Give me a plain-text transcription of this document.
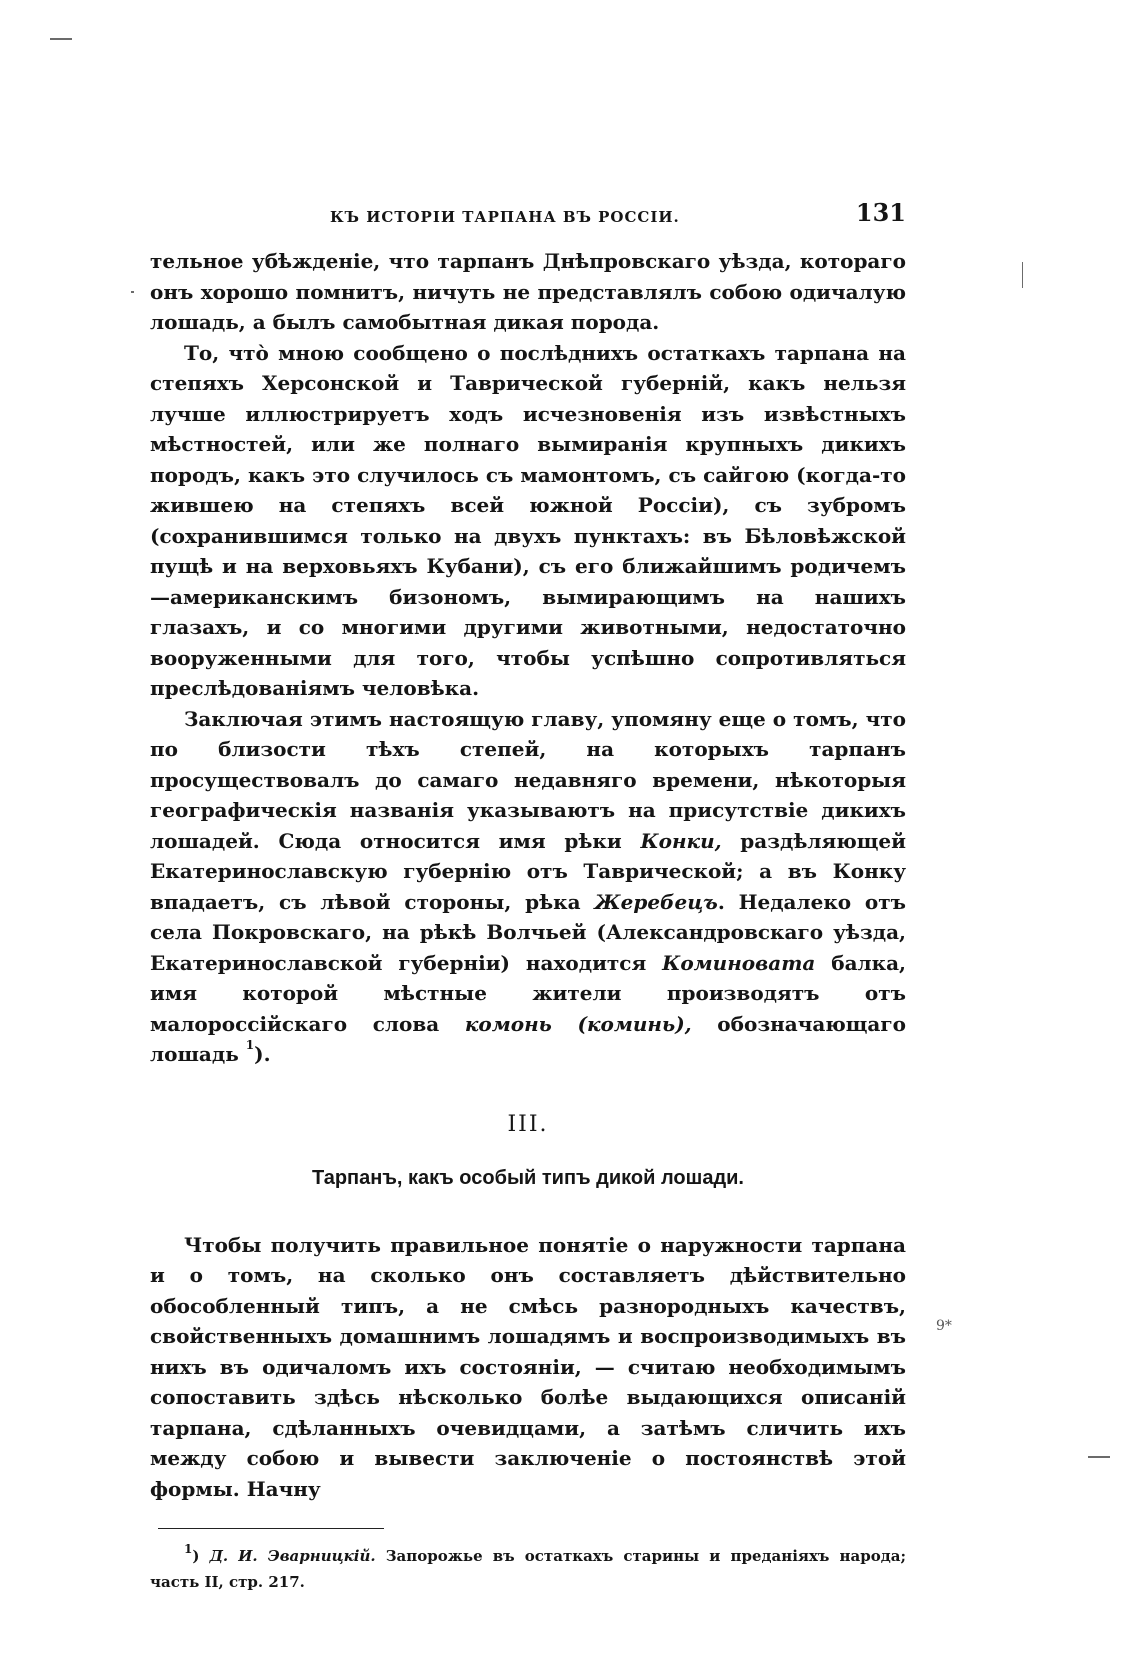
КЪ ИСТОРІИ ТАРПАНА ВЪ РОССІИ.	131

тельное убѣжденіе, что тарпанъ Днѣпровскаго уѣзда, котораго онъ хорошо помнитъ, ничуть не представлялъ собою одичалую лошадь, а былъ самобытная дикая порода.

То, что̀ мною сообщено о послѣднихъ остаткахъ тарпана на степяхъ Херсонской и Таврической губерній, какъ нельзя лучше иллюстрируетъ ходъ исчезновенія изъ извѣстныхъ мѣстностей, или же полнаго вымиранія крупныхъ дикихъ породъ, какъ это случилось съ мамонтомъ, съ сайгою (когда-то жившею на степяхъ всей южной Россіи), съ зубромъ (сохранившимся только на двухъ пунктахъ: въ Бѣловѣжской пущѣ и на верховьяхъ Кубани), съ его ближайшимъ родичемъ—американскимъ бизономъ, вымирающимъ на нашихъ глазахъ, и со многими другими животными, недостаточно вооруженными для того, чтобы успѣшно сопротивляться преслѣдованіямъ человѣка.

Заключая этимъ настоящую главу, упомяну еще о томъ, что по близости тѣхъ степей, на которыхъ тарпанъ просуществовалъ до самаго недавняго времени, нѣкоторыя географическія названія указываютъ на присутствіе дикихъ лошадей. Сюда относится имя рѣки Конки, раздѣляющей Екатеринославскую губернію отъ Таврической; а въ Конку впадаетъ, съ лѣвой стороны, рѣка Жеребецъ. Недалеко отъ села Покровскаго, на рѣкѣ Волчьей (Александровскаго уѣзда, Екатеринославской губерніи) находится Коминовата балка, имя которой мѣстные жители производятъ отъ малороссійскаго слова комонь (коминь), обозначающаго лошадь $^1$).

III.
Тарпанъ, какъ особый типъ дикой лошади.

Чтобы получить правильное понятіе о наружности тарпана и о томъ, на сколько онъ составляетъ дѣйствительно обособленный типъ, а не смѣсь разнородныхъ качествъ, свойственныхъ домашнимъ лошадямъ и воспроизводимыхъ въ нихъ въ одичаломъ ихъ состояніи, — считаю необходимымъ сопоставить здѣсь нѣсколько болѣе выдающихся описаній тарпана, сдѣланныхъ очевидцами, а затѣмъ сличить ихъ между собою и вывести заключеніе о постоянствѣ этой формы. Начну

$^1$) Д. И. Эварницкій. Запорожье въ остаткахъ старины и преданіяхъ народа; часть II, стр. 217.

9*
